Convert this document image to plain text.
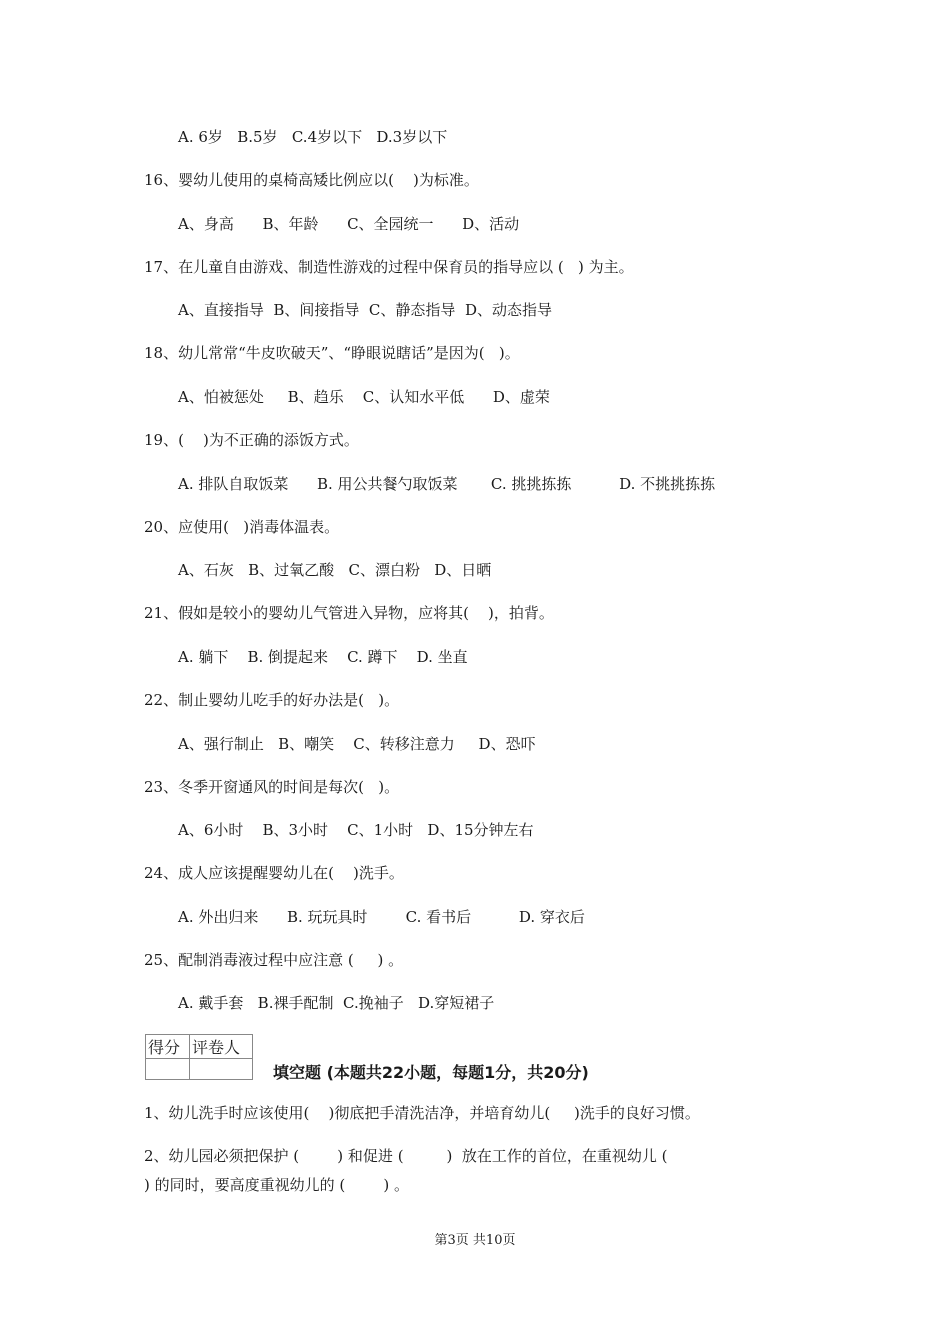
A. 6岁   B.5岁   C.4岁以下   D.3岁以下
16、婴幼儿使用的桌椅高矮比例应以(    )为标准。
A、身高      B、年龄      C、全园统一      D、活动
17、在儿童自由游戏、制造性游戏的过程中保育员的指导应以 (   ) 为主。
A、直接指导  B、间接指导  C、静态指导  D、动态指导
18、幼儿常常“牛皮吹破天”、“睁眼说瞎话”是因为(   )。
A、怕被惩处     B、趋乐    C、认知水平低      D、虚荣
19、(    )为不正确的添饭方式。
A. 排队自取饭菜      B. 用公共餐勺取饭菜       C. 挑挑拣拣          D. 不挑挑拣拣
20、应使用(   )消毒体温表。
A、石灰   B、过氧乙酸   C、漂白粉   D、日晒
21、假如是较小的婴幼儿气管进入异物，应将其(    )，拍背。
A. 躺下    B. 倒提起来    C. 蹲下    D. 坐直
22、制止婴幼儿吃手的好办法是(   )。
A、强行制止   B、嘲笑    C、转移注意力     D、恐吓
23、冬季开窗通风的时间是每次(   )。
A、6小时    B、3小时    C、1小时   D、15分钟左右
24、成人应该提醒婴幼儿在(    )洗手。
A. 外出归来      B. 玩玩具时        C. 看书后          D. 穿衣后
25、配制消毒液过程中应注意 (     ) 。
A. 戴手套   B.裸手配制  C.挽袖子   D.穿短裙子
得分	评卷人

填空题 (本题共22小题，每题1分，共20分)
1、幼儿洗手时应该使用(    )彻底把手清洗洁净，并培育幼儿(     )洗手的良好习惯。
2、幼儿园必须把保护 (        ) 和促进 (         )  放在工作的首位，在重视幼儿 (
) 的同时，要高度重视幼儿的 (        ) 。
第3页 共10页
